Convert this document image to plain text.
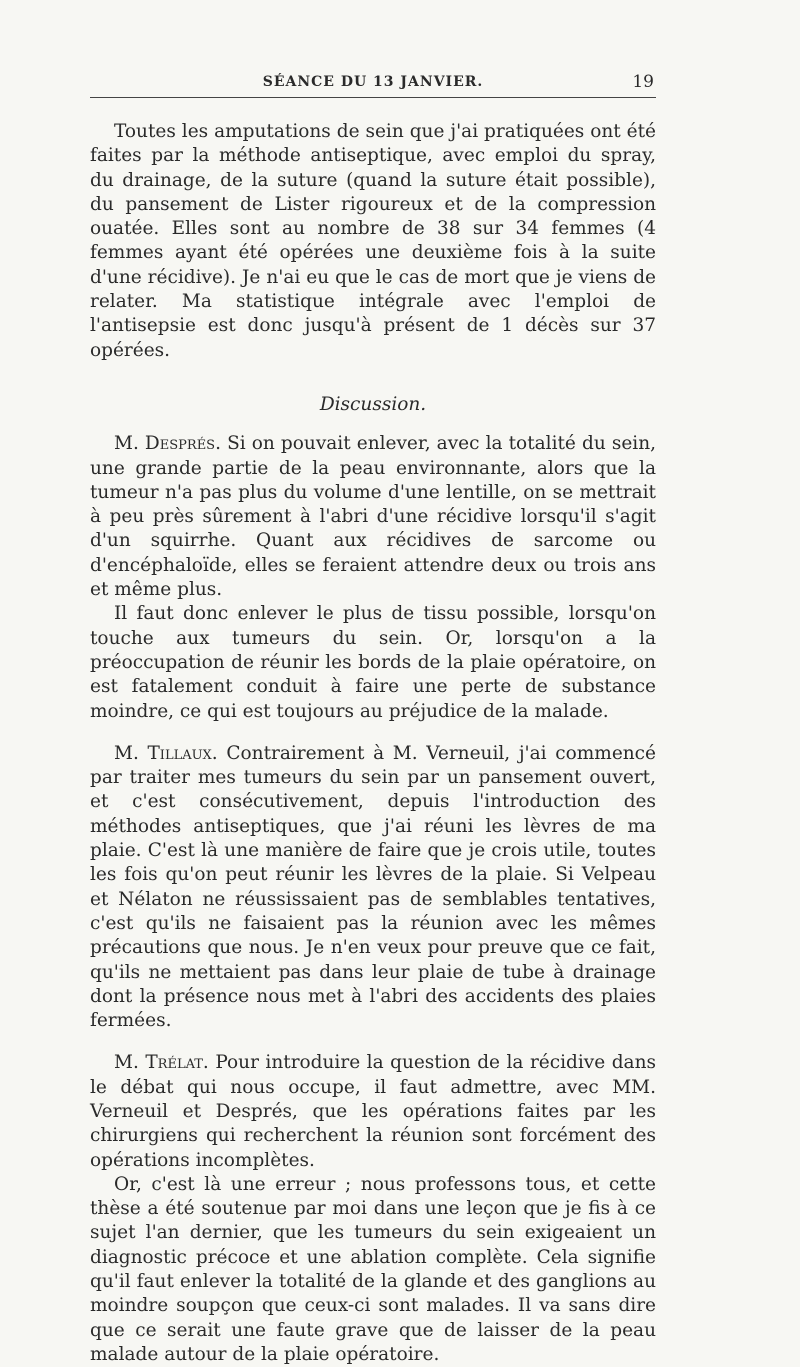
SÉANCE DU 13 JANVIER.	19

Toutes les amputations de sein que j'ai pratiquées ont été faites par la méthode antiseptique, avec emploi du spray, du drainage, de la suture (quand la suture était possible), du pansement de Lister rigoureux et de la compression ouatée. Elles sont au nombre de 38 sur 34 femmes (4 femmes ayant été opérées une deuxième fois à la suite d'une récidive). Je n'ai eu que le cas de mort que je viens de relater. Ma statistique intégrale avec l'emploi de l'antisepsie est donc jusqu'à présent de 1 décès sur 37 opérées.

Discussion.

M. Després. Si on pouvait enlever, avec la totalité du sein, une grande partie de la peau environnante, alors que la tumeur n'a pas plus du volume d'une lentille, on se mettrait à peu près sûrement à l'abri d'une récidive lorsqu'il s'agit d'un squirrhe. Quant aux récidives de sarcome ou d'encéphaloïde, elles se feraient attendre deux ou trois ans et même plus.

Il faut donc enlever le plus de tissu possible, lorsqu'on touche aux tumeurs du sein. Or, lorsqu'on a la préoccupation de réunir les bords de la plaie opératoire, on est fatalement conduit à faire une perte de substance moindre, ce qui est toujours au préjudice de la malade.

M. Tillaux. Contrairement à M. Verneuil, j'ai commencé par traiter mes tumeurs du sein par un pansement ouvert, et c'est consécutivement, depuis l'introduction des méthodes antiseptiques, que j'ai réuni les lèvres de ma plaie. C'est là une manière de faire que je crois utile, toutes les fois qu'on peut réunir les lèvres de la plaie. Si Velpeau et Nélaton ne réussissaient pas de semblables tentatives, c'est qu'ils ne faisaient pas la réunion avec les mêmes précautions que nous. Je n'en veux pour preuve que ce fait, qu'ils ne mettaient pas dans leur plaie de tube à drainage dont la présence nous met à l'abri des accidents des plaies fermées.

M. Trélat. Pour introduire la question de la récidive dans le débat qui nous occupe, il faut admettre, avec MM. Verneuil et Després, que les opérations faites par les chirurgiens qui recherchent la réunion sont forcément des opérations incomplètes.

Or, c'est là une erreur ; nous professons tous, et cette thèse a été soutenue par moi dans une leçon que je fis à ce sujet l'an dernier, que les tumeurs du sein exigeaient un diagnostic précoce et une ablation complète. Cela signifie qu'il faut enlever la totalité de la glande et des ganglions au moindre soupçon que ceux-ci sont malades. Il va sans dire que ce serait une faute grave que de laisser de la peau malade autour de la plaie opératoire.
